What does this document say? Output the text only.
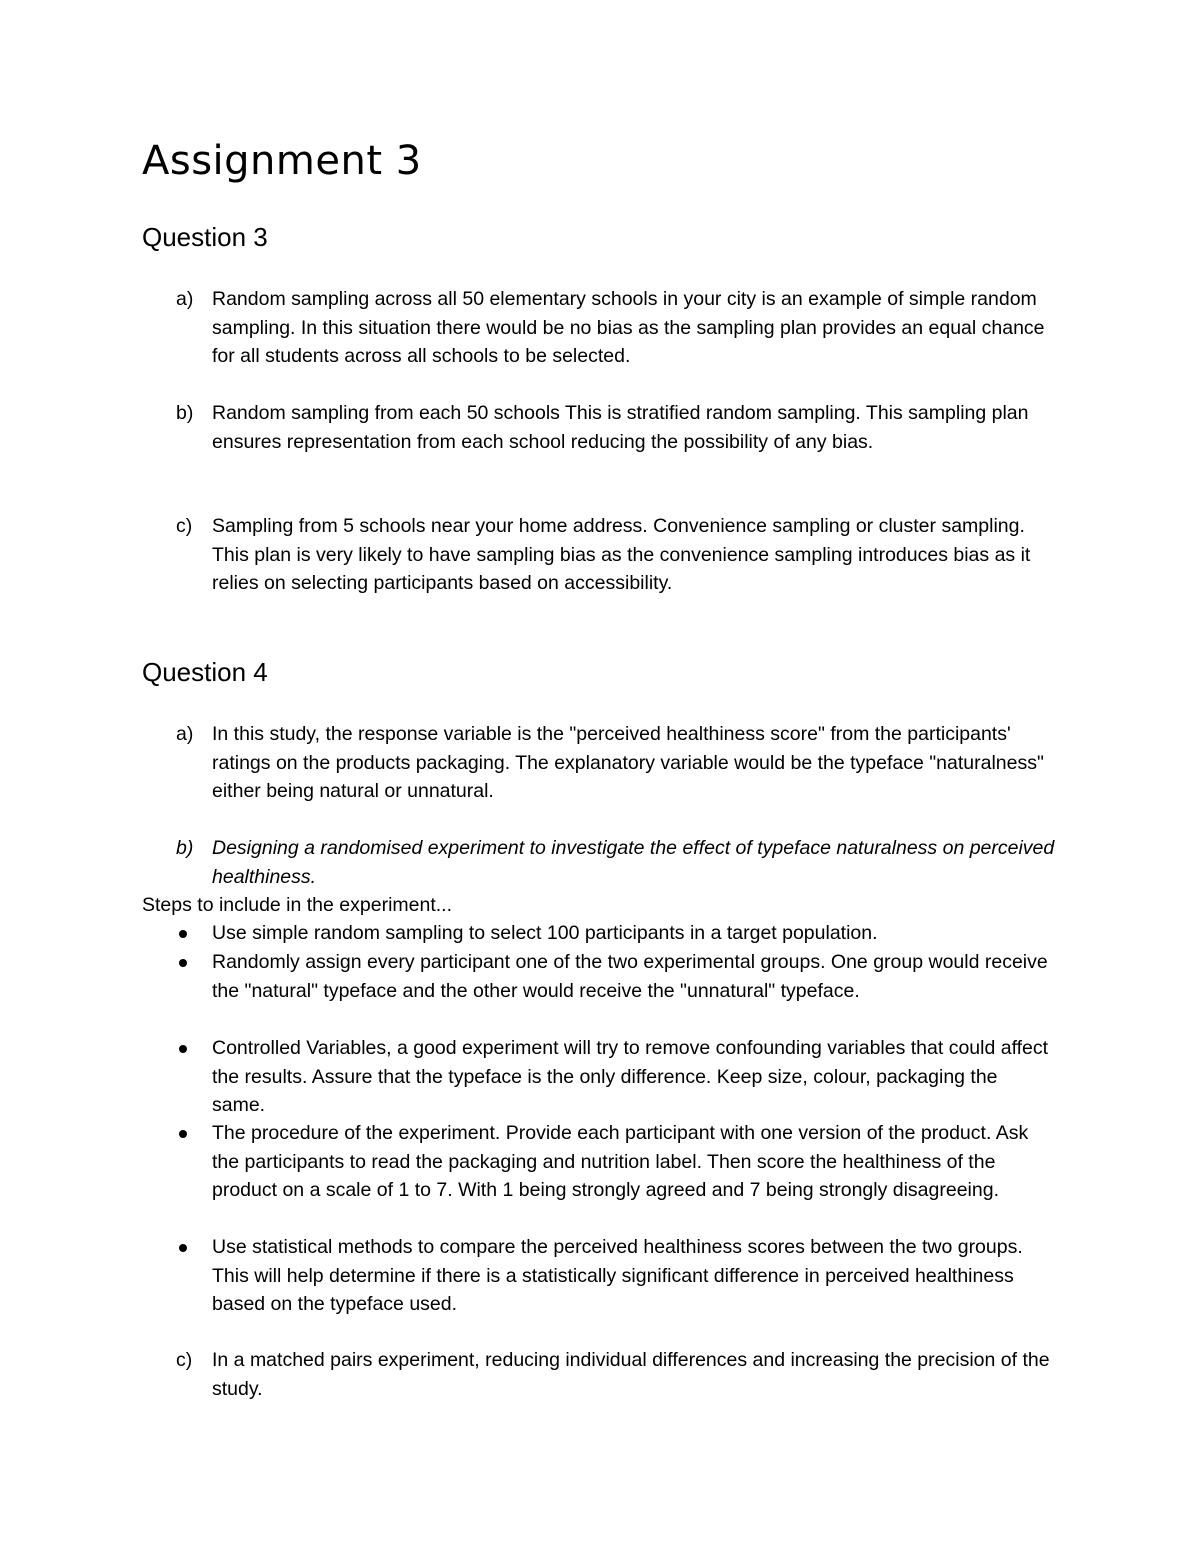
Assignment 3
Question 3
a) Random sampling across all 50 elementary schools in your city is an example of simple random sampling. In this situation there would be no bias as the sampling plan provides an equal chance for all students across all schools to be selected.
b) Random sampling from each 50 schools This is stratified random sampling. This sampling plan ensures representation from each school reducing the possibility of any bias.
c) Sampling from 5 schools near your home address. Convenience sampling or cluster sampling. This plan is very likely to have sampling bias as the convenience sampling introduces bias as it relies on selecting participants based on accessibility.
Question 4
a) In this study, the response variable is the "perceived healthiness score" from the participants' ratings on the products packaging. The explanatory variable would be the typeface "naturalness" either being natural or unnatural.
b) Designing a randomised experiment to investigate the effect of typeface naturalness on perceived healthiness.
Steps to include in the experiment...
Use simple random sampling to select 100 participants in a target population.
Randomly assign every participant one of the two experimental groups. One group would receive the "natural" typeface and the other would receive the "unnatural" typeface.
Controlled Variables, a good experiment will try to remove confounding variables that could affect the results. Assure that the typeface is the only difference. Keep size, colour, packaging the same.
The procedure of the experiment. Provide each participant with one version of the product. Ask the participants to read the packaging and nutrition label. Then score the healthiness of the product on a scale of 1 to 7. With 1 being strongly agreed and 7 being strongly disagreeing.
Use statistical methods to compare the perceived healthiness scores between the two groups. This will help determine if there is a statistically significant difference in perceived healthiness based on the typeface used.
c) In a matched pairs experiment, reducing individual differences and increasing the precision of the study.
